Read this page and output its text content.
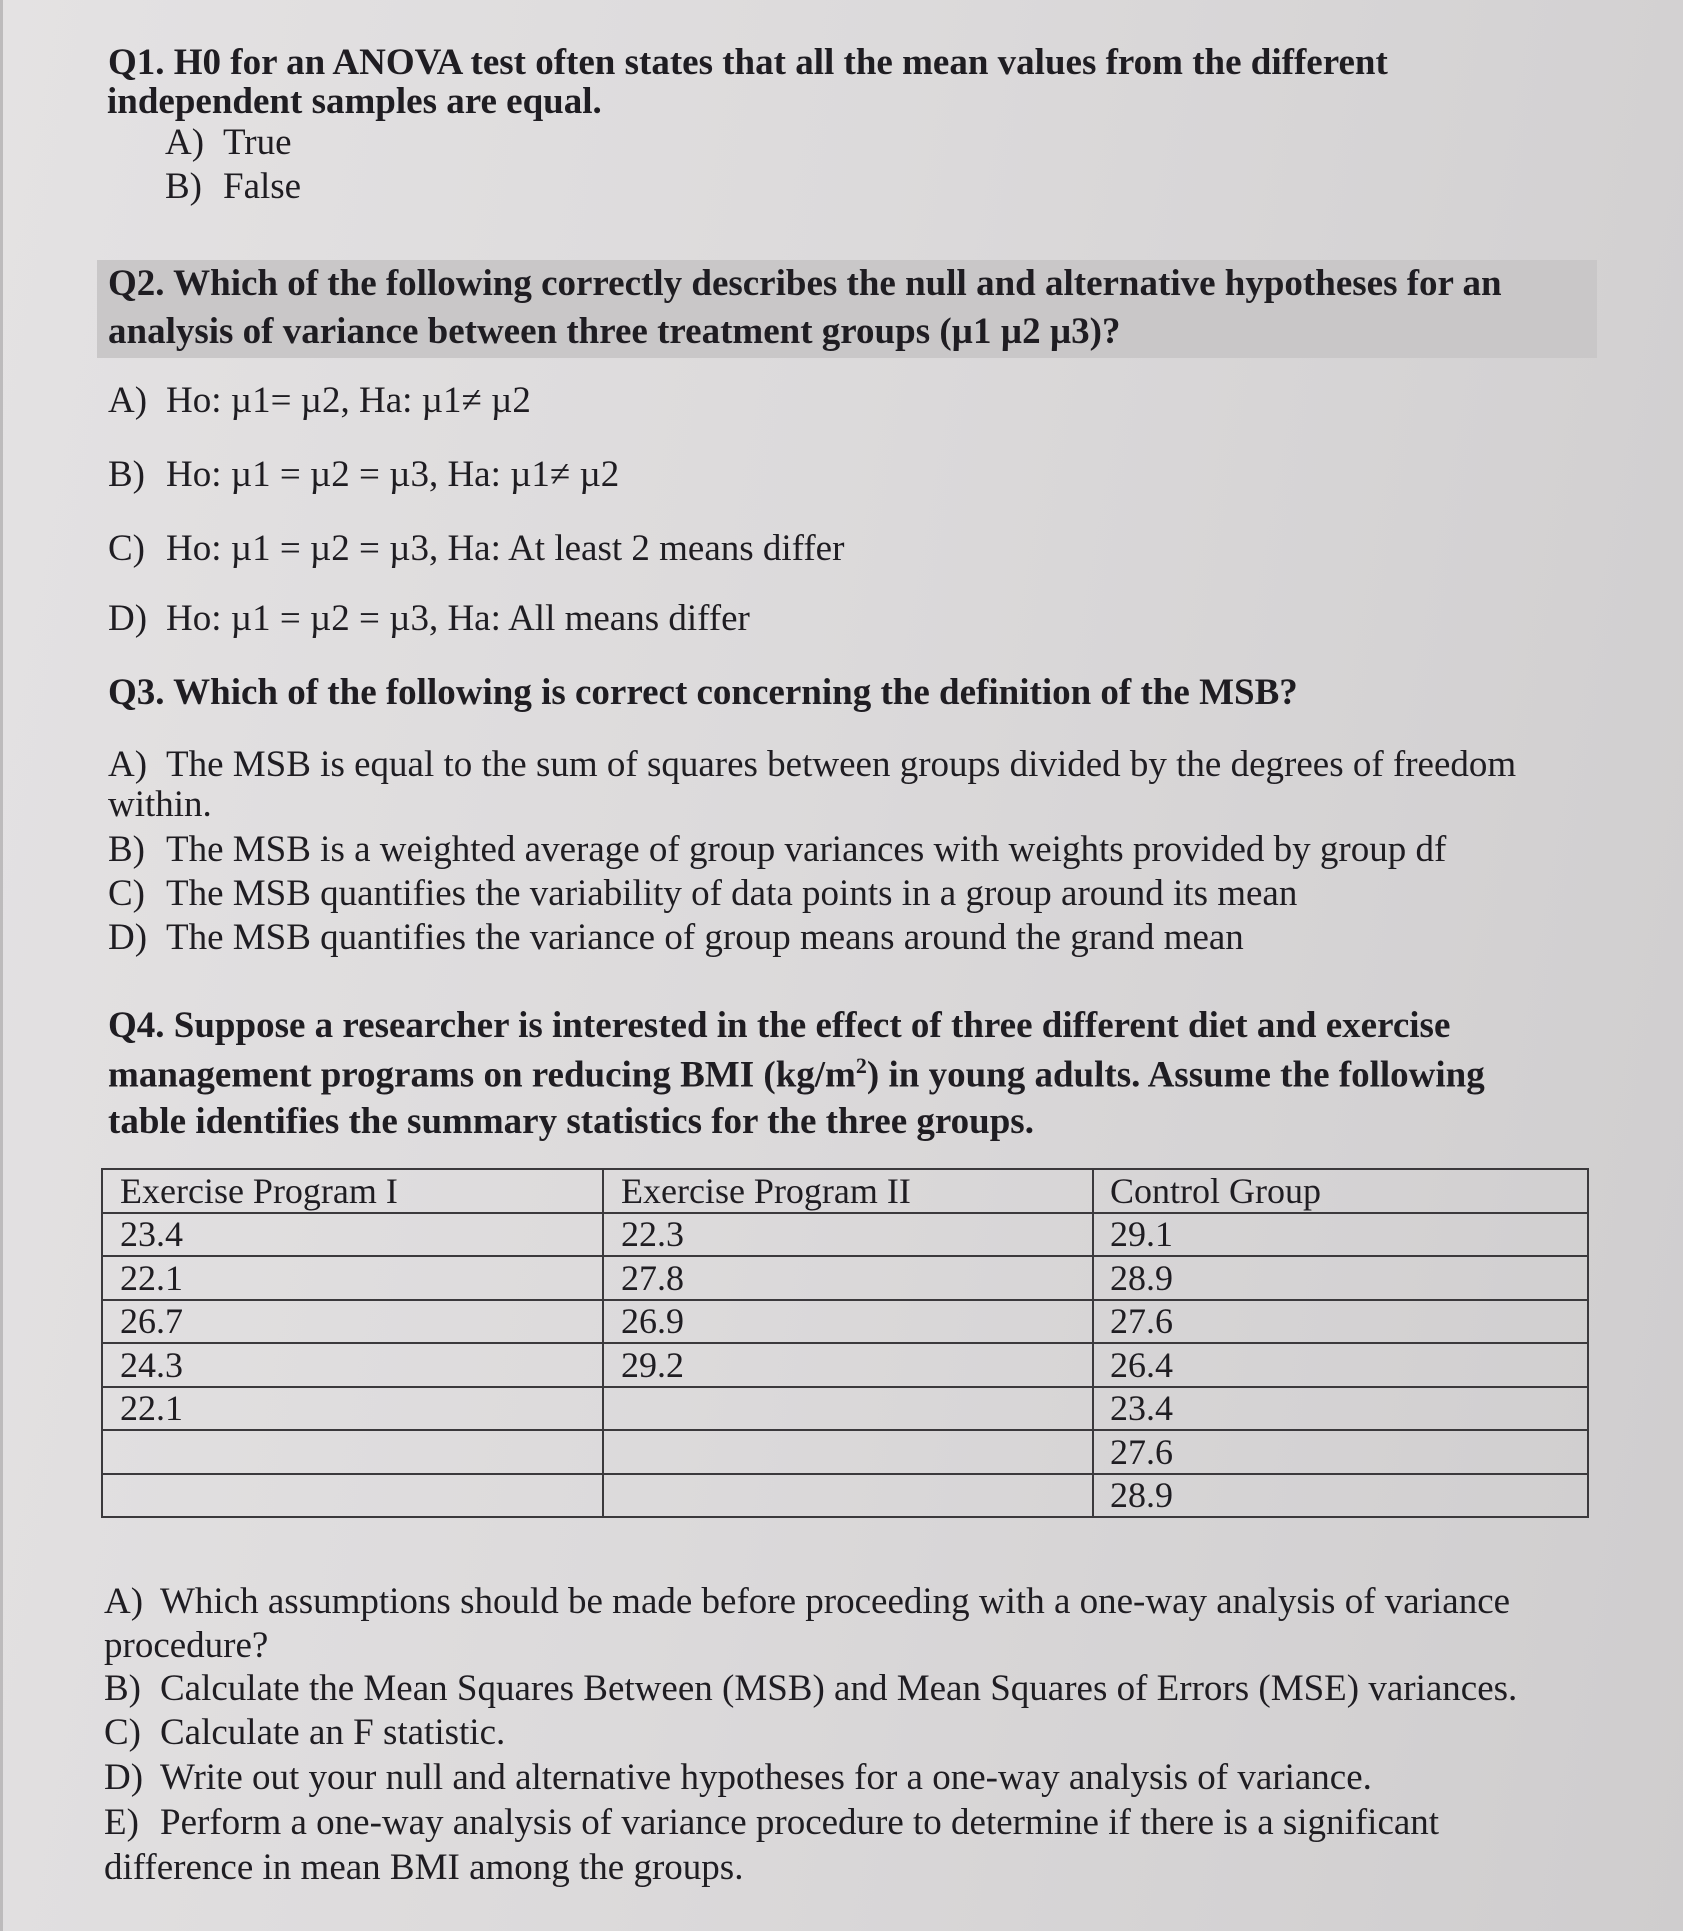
Q1. H0 for an ANOVA test often states that all the mean values from the different
independent samples are equal.
A) True
B) False
Q2. Which of the following correctly describes the null and alternative hypotheses for an
analysis of variance between three treatment groups (µ1 µ2 µ3)?
A) Ho: µ1= µ2, Ha: µ1≠ µ2
B) Ho: µ1 = µ2 = µ3, Ha: µ1≠ µ2
C) Ho: µ1 = µ2 = µ3, Ha: At least 2 means differ
D) Ho: µ1 = µ2 = µ3, Ha: All means differ
Q3. Which of the following is correct concerning the definition of the MSB?
A) The MSB is equal to the sum of squares between groups divided by the degrees of freedom
within.
B) The MSB is a weighted average of group variances with weights provided by group df
C) The MSB quantifies the variability of data points in a group around its mean
D) The MSB quantifies the variance of group means around the grand mean
Q4. Suppose a researcher is interested in the effect of three different diet and exercise
management programs on reducing BMI $(kg/m^2)$ in young adults. Assume the following
table identifies the summary statistics for the three groups.
Exercise Program I	Exercise Program II	Control Group
23.4	22.3	29.1
22.1	27.8	28.9
26.7	26.9	27.6
24.3	29.2	26.4
22.1		23.4
		27.6
		28.9
A) Which assumptions should be made before proceeding with a one-way analysis of variance
procedure?
B) Calculate the Mean Squares Between (MSB) and Mean Squares of Errors (MSE) variances.
C) Calculate an F statistic.
D) Write out your null and alternative hypotheses for a one-way analysis of variance.
E) Perform a one-way analysis of variance procedure to determine if there is a significant
difference in mean BMI among the groups.
